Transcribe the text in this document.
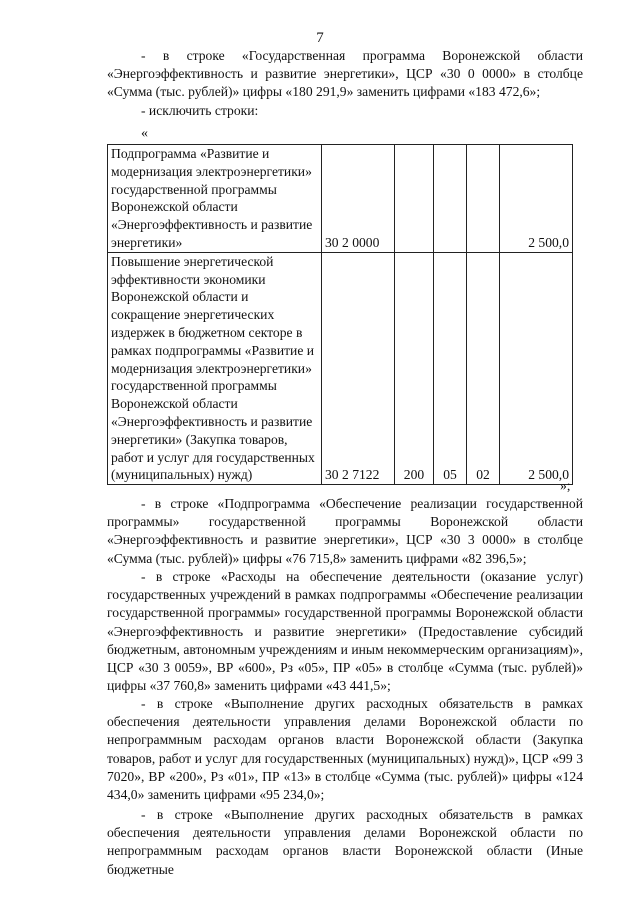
7
- в строке «Государственная программа Воронежской области «Энергоэффективность и развитие энергетики», ЦСР «30 0 0000» в столбце «Сумма (тыс. рублей)» цифры «180 291,9» заменить цифрами «183 472,6»;
- исключить строки:
«
Подпрограмма «Развитие и модернизация электроэнергетики» государственной программы Воронежской области «Энергоэффективность и развитие энергетики»	30 2 0000				2 500,0
Повышение энергетической эффективности экономики Воронежской области и сокращение энергетических издержек в бюджетном секторе в рамках подпрограммы «Развитие и модернизация электроэнергетики» государственной программы Воронежской области «Энергоэффективность и развитие энергетики» (Закупка товаров, работ и услуг для государственных (муниципальных) нужд)	30 2 7122	200	05	02	2 500,0
»;
- в строке «Подпрограмма «Обеспечение реализации государственной программы» государственной программы Воронежской области «Энергоэффективность и развитие энергетики», ЦСР «30 3 0000» в столбце «Сумма (тыс. рублей)» цифры «76 715,8» заменить цифрами «82 396,5»;
- в строке «Расходы на обеспечение деятельности (оказание услуг) государственных учреждений в рамках подпрограммы «Обеспечение реализации государственной программы» государственной программы Воронежской области «Энергоэффективность и развитие энергетики» (Предоставление субсидий бюджетным, автономным учреждениям и иным некоммерческим организациям)», ЦСР «30 3 0059», ВР «600», Рз «05», ПР «05» в столбце «Сумма (тыс. рублей)» цифры «37 760,8» заменить цифрами «43 441,5»;
- в строке «Выполнение других расходных обязательств в рамках обеспечения деятельности управления делами Воронежской области по непрограммным расходам органов власти Воронежской области (Закупка товаров, работ и услуг для государственных (муниципальных) нужд)», ЦСР «99 3 7020», ВР «200», Рз «01», ПР «13» в столбце «Сумма (тыс. рублей)» цифры «124 434,0» заменить цифрами «95 234,0»;
- в строке «Выполнение других расходных обязательств в рамках обеспечения деятельности управления делами Воронежской области по непрограммным расходам органов власти Воронежской области (Иные бюджетные
